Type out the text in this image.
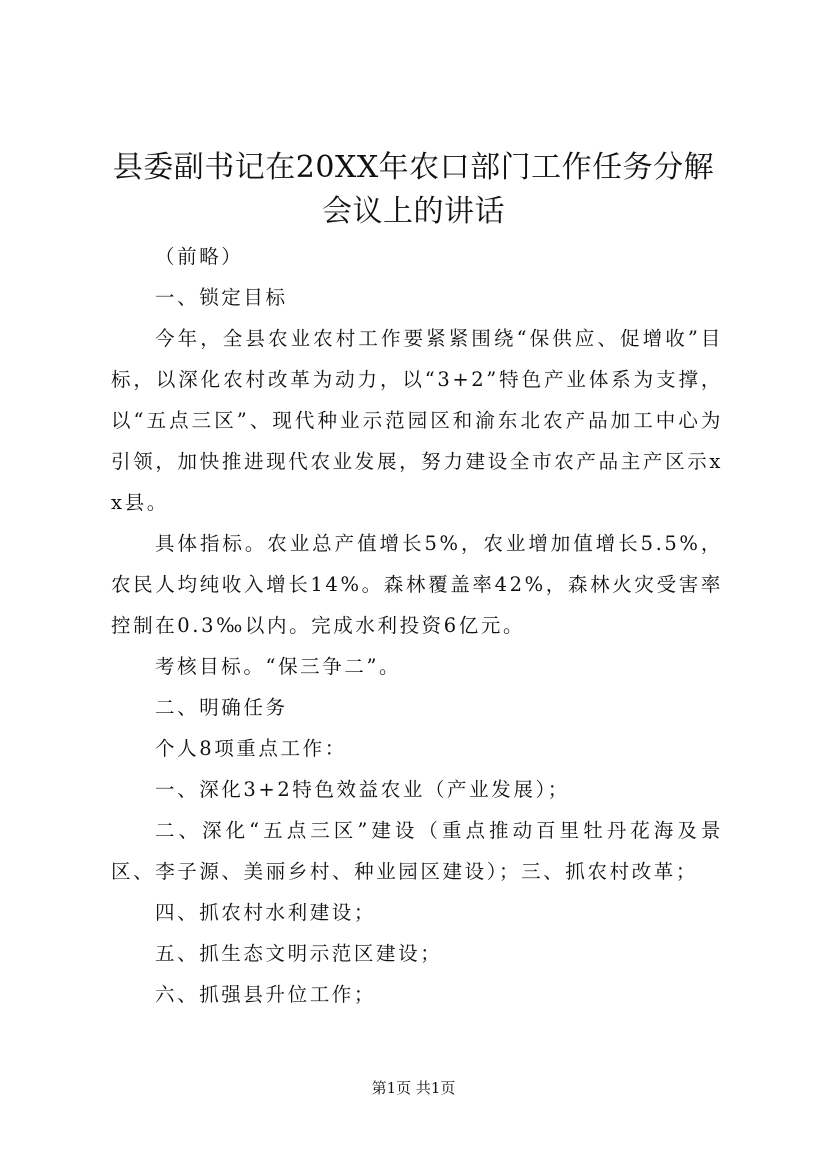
县委副书记在20XX年农口部门工作任务分解
会议上的讲话

（前略）

一、锁定目标

今年，全县农业农村工作要紧紧围绕“保供应、促增收”目标，以深化农村改革为动力，以“3+2”特色产业体系为支撑，以“五点三区”、现代种业示范园区和渝东北农产品加工中心为引领，加快推进现代农业发展，努力建设全市农产品主产区示xx县。

具体指标。农业总产值增长5%，农业增加值增长5.5%，农民人均纯收入增长14%。森林覆盖率42%，森林火灾受害率控制在0.3‰以内。完成水利投资6亿元。

考核目标。“保三争二”。

二、明确任务

个人8项重点工作：

一、深化3+2特色效益农业（产业发展）；

二、深化“五点三区”建设（重点推动百里牡丹花海及景区、李子源、美丽乡村、种业园区建设）；三、抓农村改革；

四、抓农村水利建设；

五、抓生态文明示范区建设；

六、抓强县升位工作；

第1页 共1页
